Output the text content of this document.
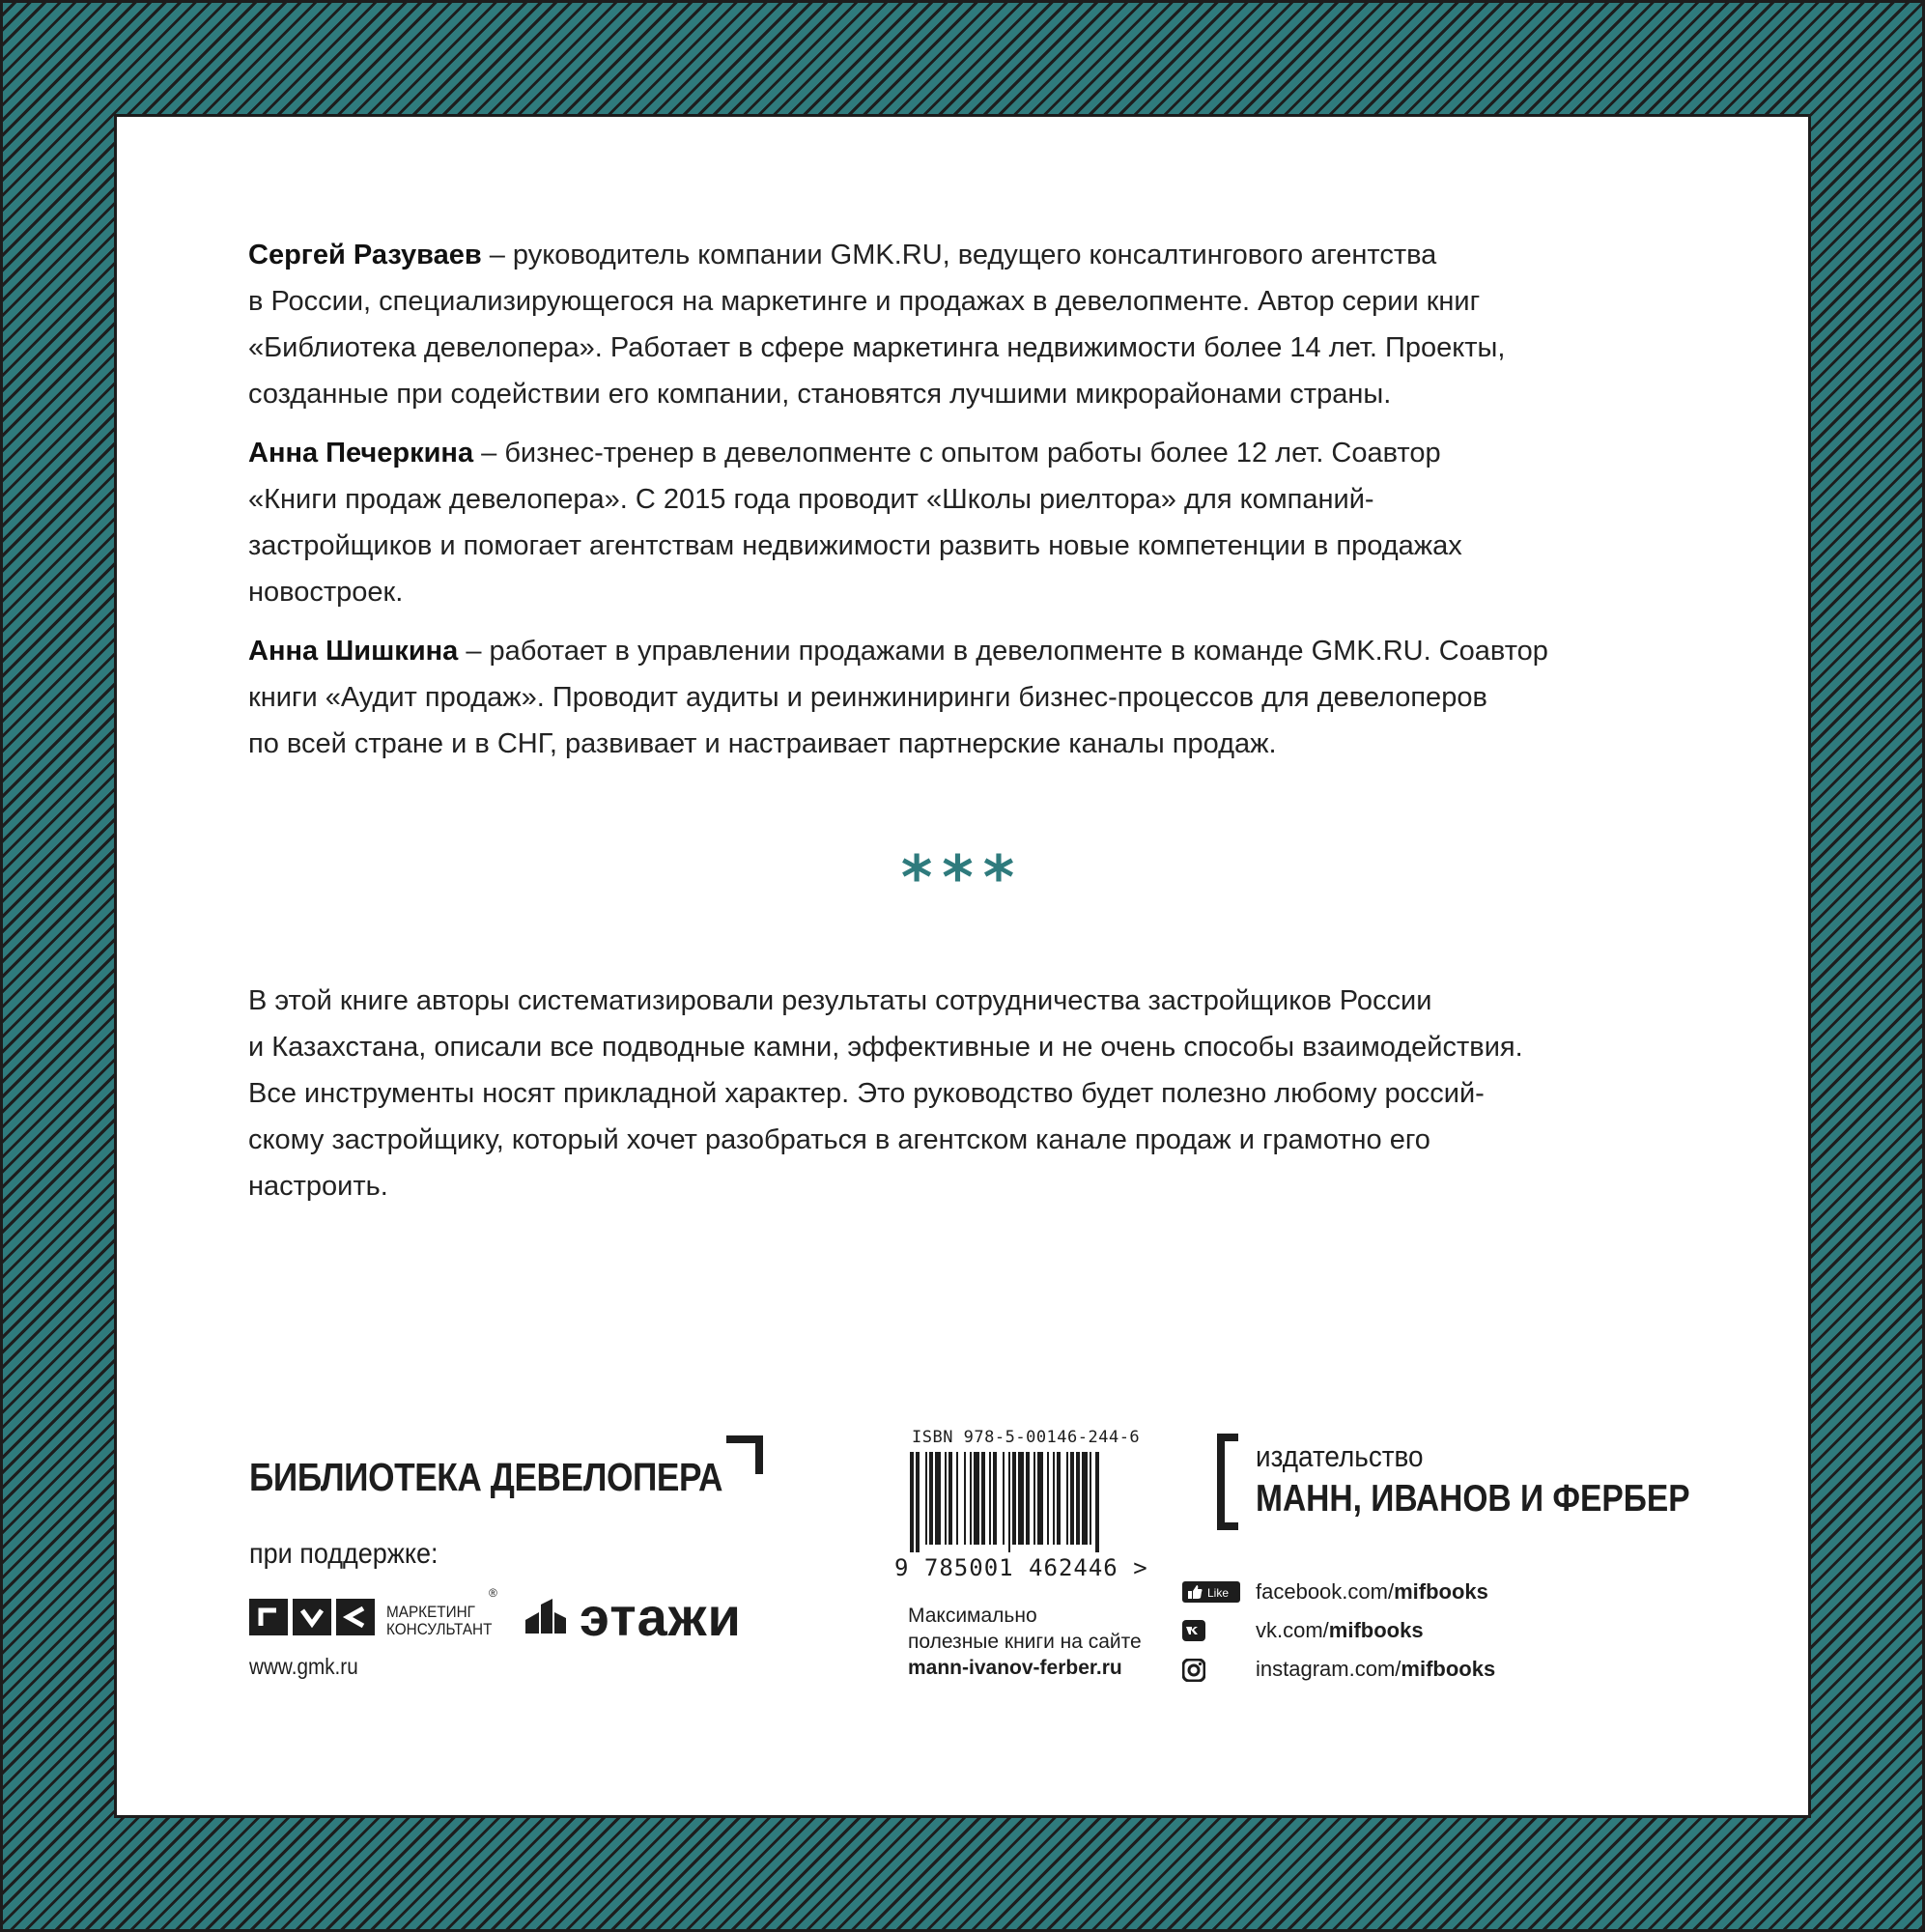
Сергей Разуваев – руководитель компании GMK.RU, ведущего консалтингового агентства
в России, специализирующегося на маркетинге и продажах в девелопменте. Автор серии книг
«Библиотека девелопера». Работает в сфере маркетинга недвижимости более 14 лет. Проекты,
созданные при содействии его компании, становятся лучшими микрорайонами страны.

Анна Печеркина – бизнес-тренер в девелопменте с опытом работы более 12 лет. Соавтор
«Книги продаж девелопера». С 2015 года проводит «Школы риелтора» для компаний-
застройщиков и помогает агентствам недвижимости развить новые компетенции в продажах
новостроек.

Анна Шишкина – работает в управлении продажами в девелопменте в команде GMK.RU. Соавтор
книги «Аудит продаж». Проводит аудиты и реинжиниринги бизнес-процессов для девелоперов
по всей стране и в СНГ, развивает и настраивает партнерские каналы продаж.

***

В этой книге авторы систематизировали результаты сотрудничества застройщиков России
и Казахстана, описали все подводные камни, эффективные и не очень способы взаимодействия.
Все инструменты носят прикладной характер. Это руководство будет полезно любому россий-
скому застройщику, который хочет разобраться в агентском канале продаж и грамотно его
настроить.

БИБЛИОТЕКА ДЕВЕЛОПЕРА
при поддержке:
МАРКЕТИНГ
КОНСУЛЬТАНТ
® этажи
www.gmk.ru
ISBN 978-5-00146-244-6
9 785001 462446 >
Максимально
полезные книги на сайте
mann-ivanov-ferber.ru
издательство
МАНН, ИВАНОВ И ФЕРБЕР
Like facebook.com/mifbooks
vk.com/mifbooks
instagram.com/mifbooks
